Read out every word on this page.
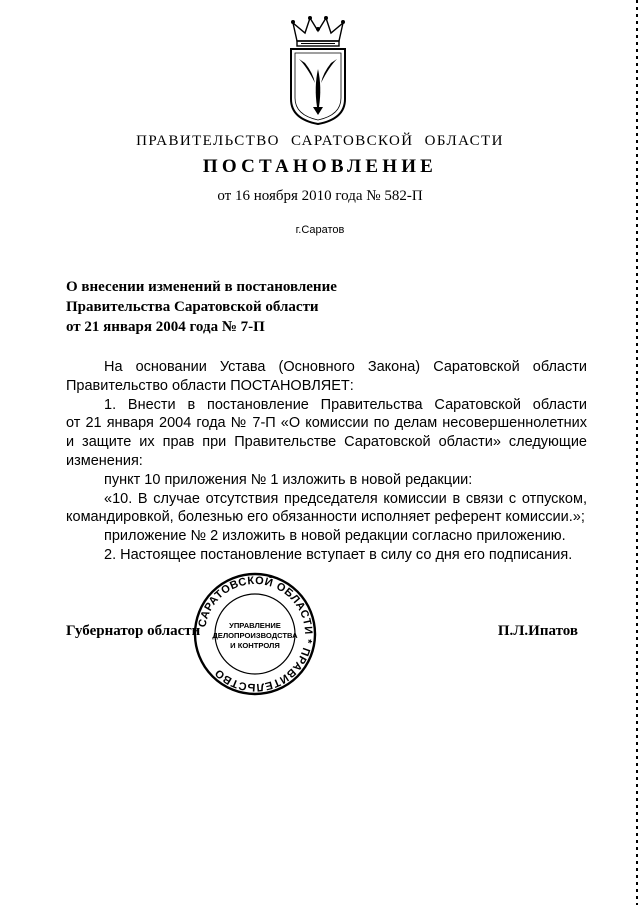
ПРАВИТЕЛЬСТВО САРАТОВСКОЙ ОБЛАСТИ
ПОСТАНОВЛЕНИЕ
от 16 ноября 2010 года № 582-П
г.Саратов
О внесении изменений в постановление
Правительства Саратовской области
от 21 января 2004 года № 7-П
На основании Устава (Основного Закона) Саратовской области
Правительство области ПОСТАНОВЛЯЕТ:
1. Внести в постановление Правительства Саратовской области
от 21 января 2004 года № 7-П «О комиссии по делам несовершеннолетних
и защите их прав при Правительстве Саратовской области» следующие
изменения:
пункт 10 приложения № 1 изложить в новой редакции:
«10. В случае отсутствия председателя комиссии в связи с отпуском,
командировкой, болезнью его обязанности исполняет референт комиссии.»;
приложение № 2 изложить в новой редакции согласно приложению.
2. Настоящее постановление вступает в силу со дня его подписания.
Губернатор области	П.Л.Ипатов
САРАТОВСКОЙ ОБЛАСТИ * ПРАВИТЕЛЬСТВО
УПРАВЛЕНИЕ
ДЕЛОПРОИЗВОДСТВА
И КОНТРОЛЯ
